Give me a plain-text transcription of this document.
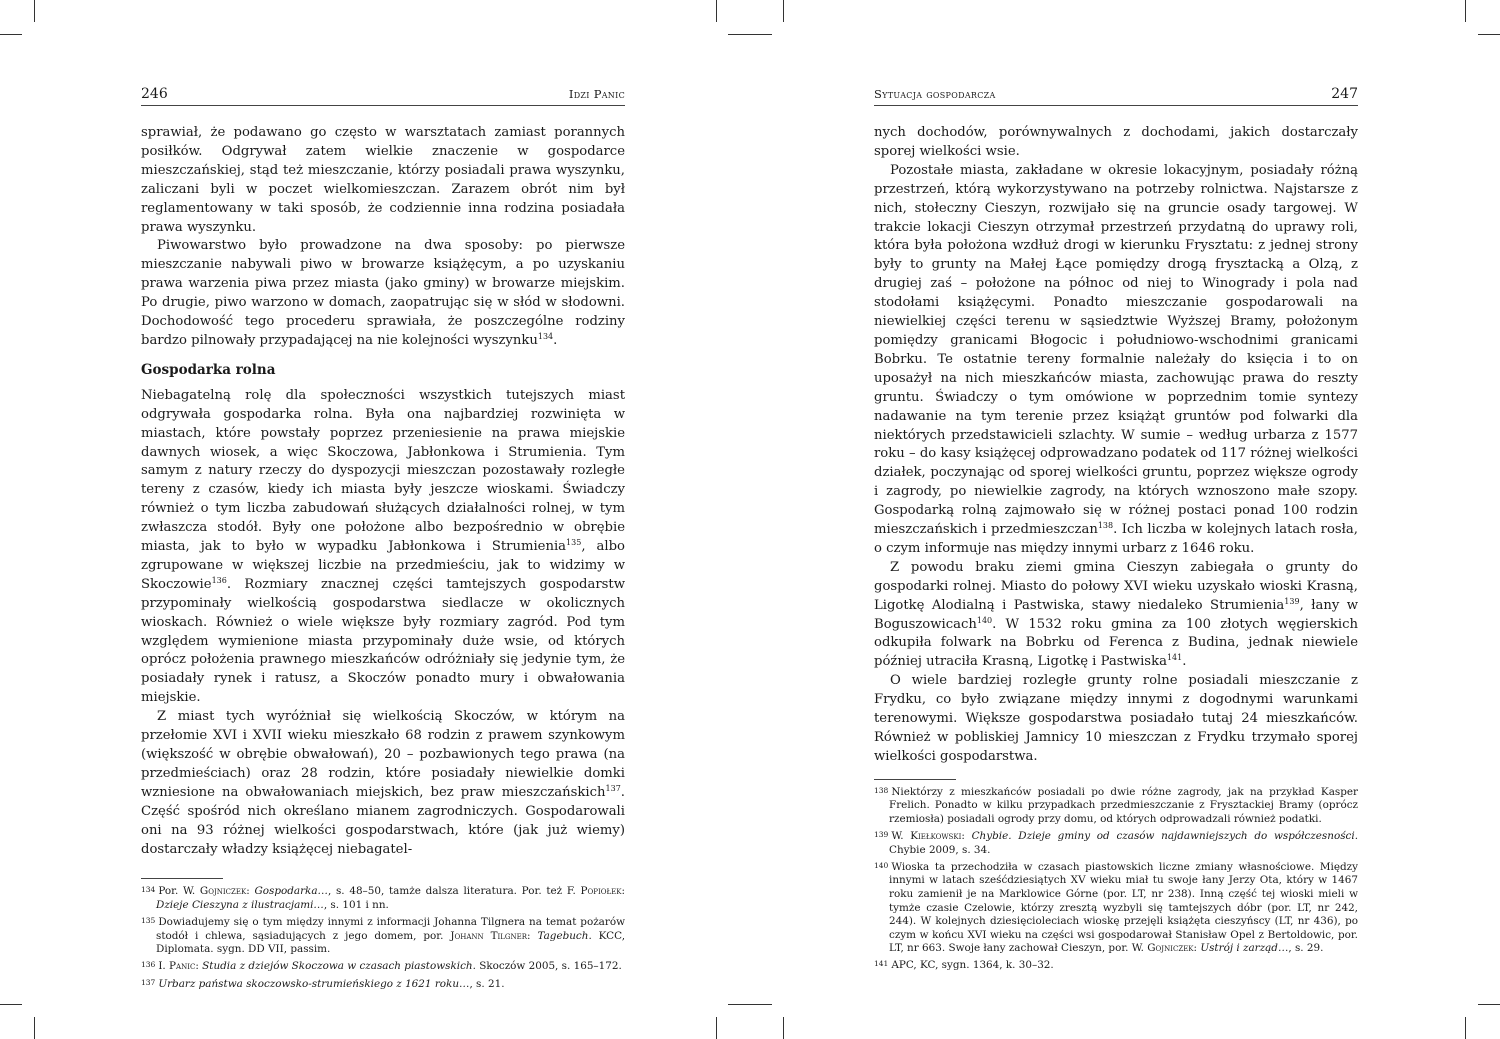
246	Idzi Panic

sprawiał, że podawano go często w warsztatach zamiast porannych posiłków. Odgrywał zatem wielkie znaczenie w gospodarce mieszczańskiej, stąd też mieszczanie, którzy posiadali prawa wyszynku, zaliczani byli w poczet wielkomieszczan. Zarazem obrót nim był reglamentowany w taki sposób, że codziennie inna rodzina posiadała prawa wyszynku.

Piwowarstwo było prowadzone na dwa sposoby: po pierwsze mieszczanie nabywali piwo w browarze książęcym, a po uzyskaniu prawa warzenia piwa przez miasta (jako gminy) w browarze miejskim. Po drugie, piwo warzono w domach, zaopatrując się w słód w słodowni. Dochodowość tego procederu sprawiała, że poszczególne rodziny bardzo pilnowały przypadającej na nie kolejności wyszynku$^{134}$.

Gospodarka rolna

Niebagatelną rolę dla społeczności wszystkich tutejszych miast odgrywała gospodarka rolna. Była ona najbardziej rozwinięta w miastach, które powstały poprzez przeniesienie na prawa miejskie dawnych wiosek, a więc Skoczowa, Jabłonkowa i Strumienia. Tym samym z natury rzeczy do dyspozycji mieszczan pozostawały rozległe tereny z czasów, kiedy ich miasta były jeszcze wioskami. Świadczy również o tym liczba zabudowań służących działalności rolnej, w tym zwłaszcza stodół. Były one położone albo bezpośrednio w obrębie miasta, jak to było w wypadku Jabłonkowa i Strumienia$^{135}$, albo zgrupowane w większej liczbie na przedmieściu, jak to widzimy w Skoczowie$^{136}$. Rozmiary znacznej części tamtejszych gospodarstw przypominały wielkością gospodarstwa siedlacze w okolicznych wioskach. Również o wiele większe były rozmiary zagród. Pod tym względem wymienione miasta przypominały duże wsie, od których oprócz położenia prawnego mieszkańców odróżniały się jedynie tym, że posiadały rynek i ratusz, a Skoczów ponadto mury i obwałowania miejskie.

Z miast tych wyróżniał się wielkością Skoczów, w którym na przełomie XVI i XVII wieku mieszkało 68 rodzin z prawem szynkowym (większość w obrębie obwałowań), 20 – pozbawionych tego prawa (na przedmieściach) oraz 28 rodzin, które posiadały niewielkie domki wzniesione na obwałowaniach miejskich, bez praw mieszczańskich$^{137}$. Część spośród nich określano mianem zagrodniczych. Gospodarowali oni na 93 różnej wielkości gospodarstwach, które (jak już wiemy) dostarczały władzy książęcej niebagatel-

$^{134}$ Por. W. Gojniczek: Gospodarka…, s. 48–50, tamże dalsza literatura. Por. też F. Popiołek: Dzieje Cieszyna z ilustracjami…, s. 101 i nn.

$^{135}$ Dowiadujemy się o tym między innymi z informacji Johanna Tilgnera na temat pożarów stodół i chlewa, sąsiadujących z jego domem, por. Johann Tilgner: Tagebuch. KCC, Diplomata. sygn. DD VII, passim.

$^{136}$ I. Panic: Studia z dziejów Skoczowa w czasach piastowskich. Skoczów 2005, s. 165–172.

$^{137}$ Urbarz państwa skoczowsko-strumieńskiego z 1621 roku…, s. 21.

Sytuacja gospodarcza	247

nych dochodów, porównywalnych z dochodami, jakich dostarczały sporej wielkości wsie.

Pozostałe miasta, zakładane w okresie lokacyjnym, posiadały różną przestrzeń, którą wykorzystywano na potrzeby rolnictwa. Najstarsze z nich, stołeczny Cieszyn, rozwijało się na gruncie osady targowej. W trakcie lokacji Cieszyn otrzymał przestrzeń przydatną do uprawy roli, która była położona wzdłuż drogi w kierunku Frysztatu: z jednej strony były to grunty na Małej Łące pomiędzy drogą frysztacką a Olzą, z drugiej zaś – położone na północ od niej to Winogrady i pola nad stodołami książęcymi. Ponadto mieszczanie gospodarowali na niewielkiej części terenu w sąsiedztwie Wyższej Bramy, położonym pomiędzy granicami Błogocic i południowo-wschodnimi granicami Bobrku. Te ostatnie tereny formalnie należały do księcia i to on uposażył na nich mieszkańców miasta, zachowując prawa do reszty gruntu. Świadczy o tym omówione w poprzednim tomie syntezy nadawanie na tym terenie przez książąt gruntów pod folwarki dla niektórych przedstawicieli szlachty. W sumie – według urbarza z 1577 roku – do kasy książęcej odprowadzano podatek od 117 różnej wielkości działek, poczynając od sporej wielkości gruntu, poprzez większe ogrody i zagrody, po niewielkie zagrody, na których wznoszono małe szopy. Gospodarką rolną zajmowało się w różnej postaci ponad 100 rodzin mieszczańskich i przedmieszczan$^{138}$. Ich liczba w kolejnych latach rosła, o czym informuje nas między innymi urbarz z 1646 roku.

Z powodu braku ziemi gmina Cieszyn zabiegała o grunty do gospodarki rolnej. Miasto do połowy XVI wieku uzyskało wioski Krasną, Ligotkę Alodialną i Pastwiska, stawy niedaleko Strumienia$^{139}$, łany w Boguszowicach$^{140}$. W 1532 roku gmina za 100 złotych węgierskich odkupiła folwark na Bobrku od Ferenca z Budina, jednak niewiele później utraciła Krasną, Ligotkę i Pastwiska$^{141}$.

O wiele bardziej rozległe grunty rolne posiadali mieszczanie z Frydku, co było związane między innymi z dogodnymi warunkami terenowymi. Większe gospodarstwa posiadało tutaj 24 mieszkańców. Również w pobliskiej Jamnicy 10 mieszczan z Frydku trzymało sporej wielkości gospodarstwa.

$^{138}$ Niektórzy z mieszkańców posiadali po dwie różne zagrody, jak na przykład Kasper Frelich. Ponadto w kilku przypadkach przedmieszczanie z Frysztackiej Bramy (oprócz rzemiosła) posiadali ogrody przy domu, od których odprowadzali również podatki.

$^{139}$ W. Kiełkowski: Chybie. Dzieje gminy od czasów najdawniejszych do współczesności. Chybie 2009, s. 34.

$^{140}$ Wioska ta przechodziła w czasach piastowskich liczne zmiany własnościowe. Między innymi w latach sześćdziesiątych XV wieku miał tu swoje łany Jerzy Ota, który w 1467 roku zamienił je na Marklowice Górne (por. LT, nr 238). Inną część tej wioski mieli w tymże czasie Czelowie, którzy zresztą wyzbyli się tamtejszych dóbr (por. LT, nr 242, 244). W kolejnych dziesięcioleciach wioskę przejęli książęta cieszyńscy (LT, nr 436), po czym w końcu XVI wieku na części wsi gospodarował Stanisław Opel z Bertoldowic, por. LT, nr 663. Swoje łany zachował Cieszyn, por. W. Gojniczek: Ustrój i zarząd…, s. 29.

$^{141}$ APC, KC, sygn. 1364, k. 30–32.
